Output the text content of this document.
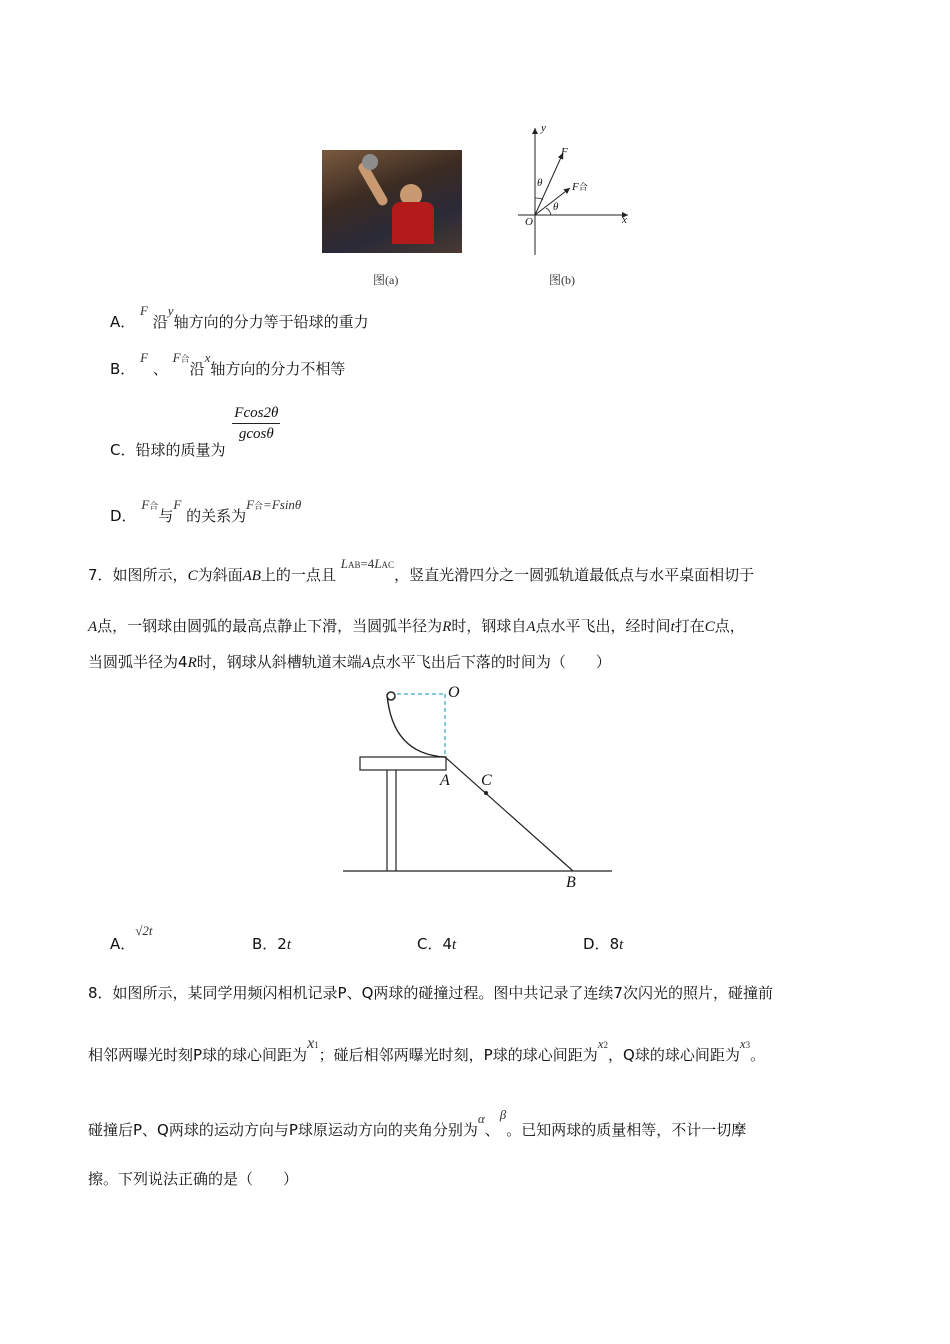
图(a)
y
x
O
F
F合
θ
θ
图(b)
A． F 沿y轴方向的分力等于铅球的重力
B． F 、 F合沿x轴方向的分力不相等
C．铅球的质量为
$\frac{Fcos2\theta}{gcos\theta}$
D． F合与F 的关系为F合=Fsinθ
7．如图所示，C为斜面AB上的一点且 LAB=4LAC，竖直光滑四分之一圆弧轨道最低点与水平桌面相切于
A点，一钢球由圆弧的最高点静止下滑，当圆弧半径为R时，钢球自A点水平飞出，经时间t打在C点，
当圆弧半径为4R时，钢球从斜槽轨道末端A点水平飞出后下落的时间为（　　）
O
A C
B
A．√2t
B．2t	C．4t	D．8t
8．如图所示，某同学用频闪相机记录P、Q两球的碰撞过程。图中共记录了连续7次闪光的照片，碰撞前
相邻两曝光时刻P球的球心间距为x1；碰后相邻两曝光时刻，P球的球心间距为x2，Q球的球心间距为x3。
碰撞后P、Q两球的运动方向与P球原运动方向的夹角分别为α、β。已知两球的质量相等，不计一切摩
擦。下列说法正确的是（　　）
